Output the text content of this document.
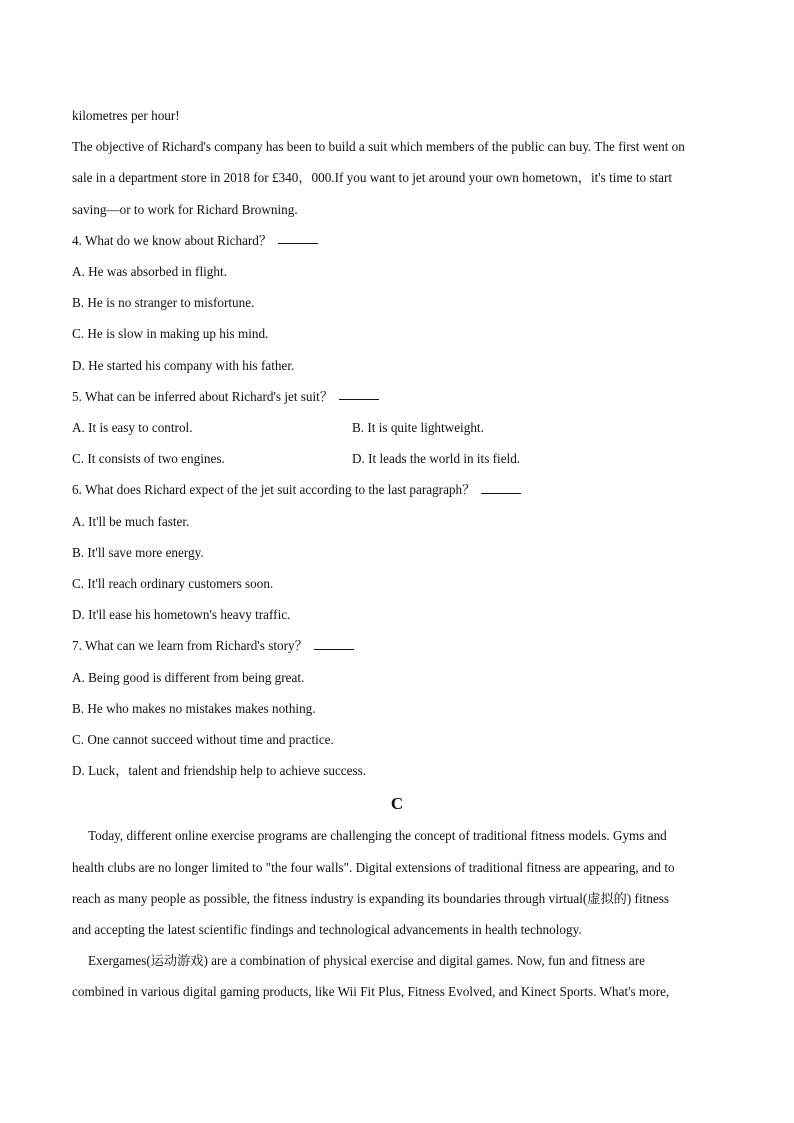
kilometres per hour!
The objective of Richard's company has been to build a suit which members of the public can buy. The first went on
sale in a department store in 2018 for £340，000.If you want to jet around your own hometown，it's time to start
saving—or to work for Richard Browning.
4. What do we know about Richard？
A. He was absorbed in flight.
B. He is no stranger to misfortune.
C. He is slow in making up his mind.
D. He started his company with his father.
5. What can be inferred about Richard's jet suit？
A. It is easy to control.	B. It is quite lightweight.
C. It consists of two engines.	D. It leads the world in its field.
6. What does Richard expect of the jet suit according to the last paragraph？
A. It'll be much faster.
B. It'll save more energy.
C. It'll reach ordinary customers soon.
D. It'll ease his hometown's heavy traffic.
7. What can we learn from Richard's story？
A. Being good is different from being great.
B. He who makes no mistakes makes nothing.
C. One cannot succeed without time and practice.
D. Luck，talent and friendship help to achieve success.
C
Today, different online exercise programs are challenging the concept of traditional fitness models. Gyms and
health clubs are no longer limited to "the four walls". Digital extensions of traditional fitness are appearing, and to
reach as many people as possible, the fitness industry is expanding its boundaries through virtual(虚拟的) fitness
and accepting the latest scientific findings and technological advancements in health technology.
Exergames(运动游戏) are a combination of physical exercise and digital games. Now, fun and fitness are
combined in various digital gaming products, like Wii Fit Plus, Fitness Evolved, and Kinect Sports. What's more,
